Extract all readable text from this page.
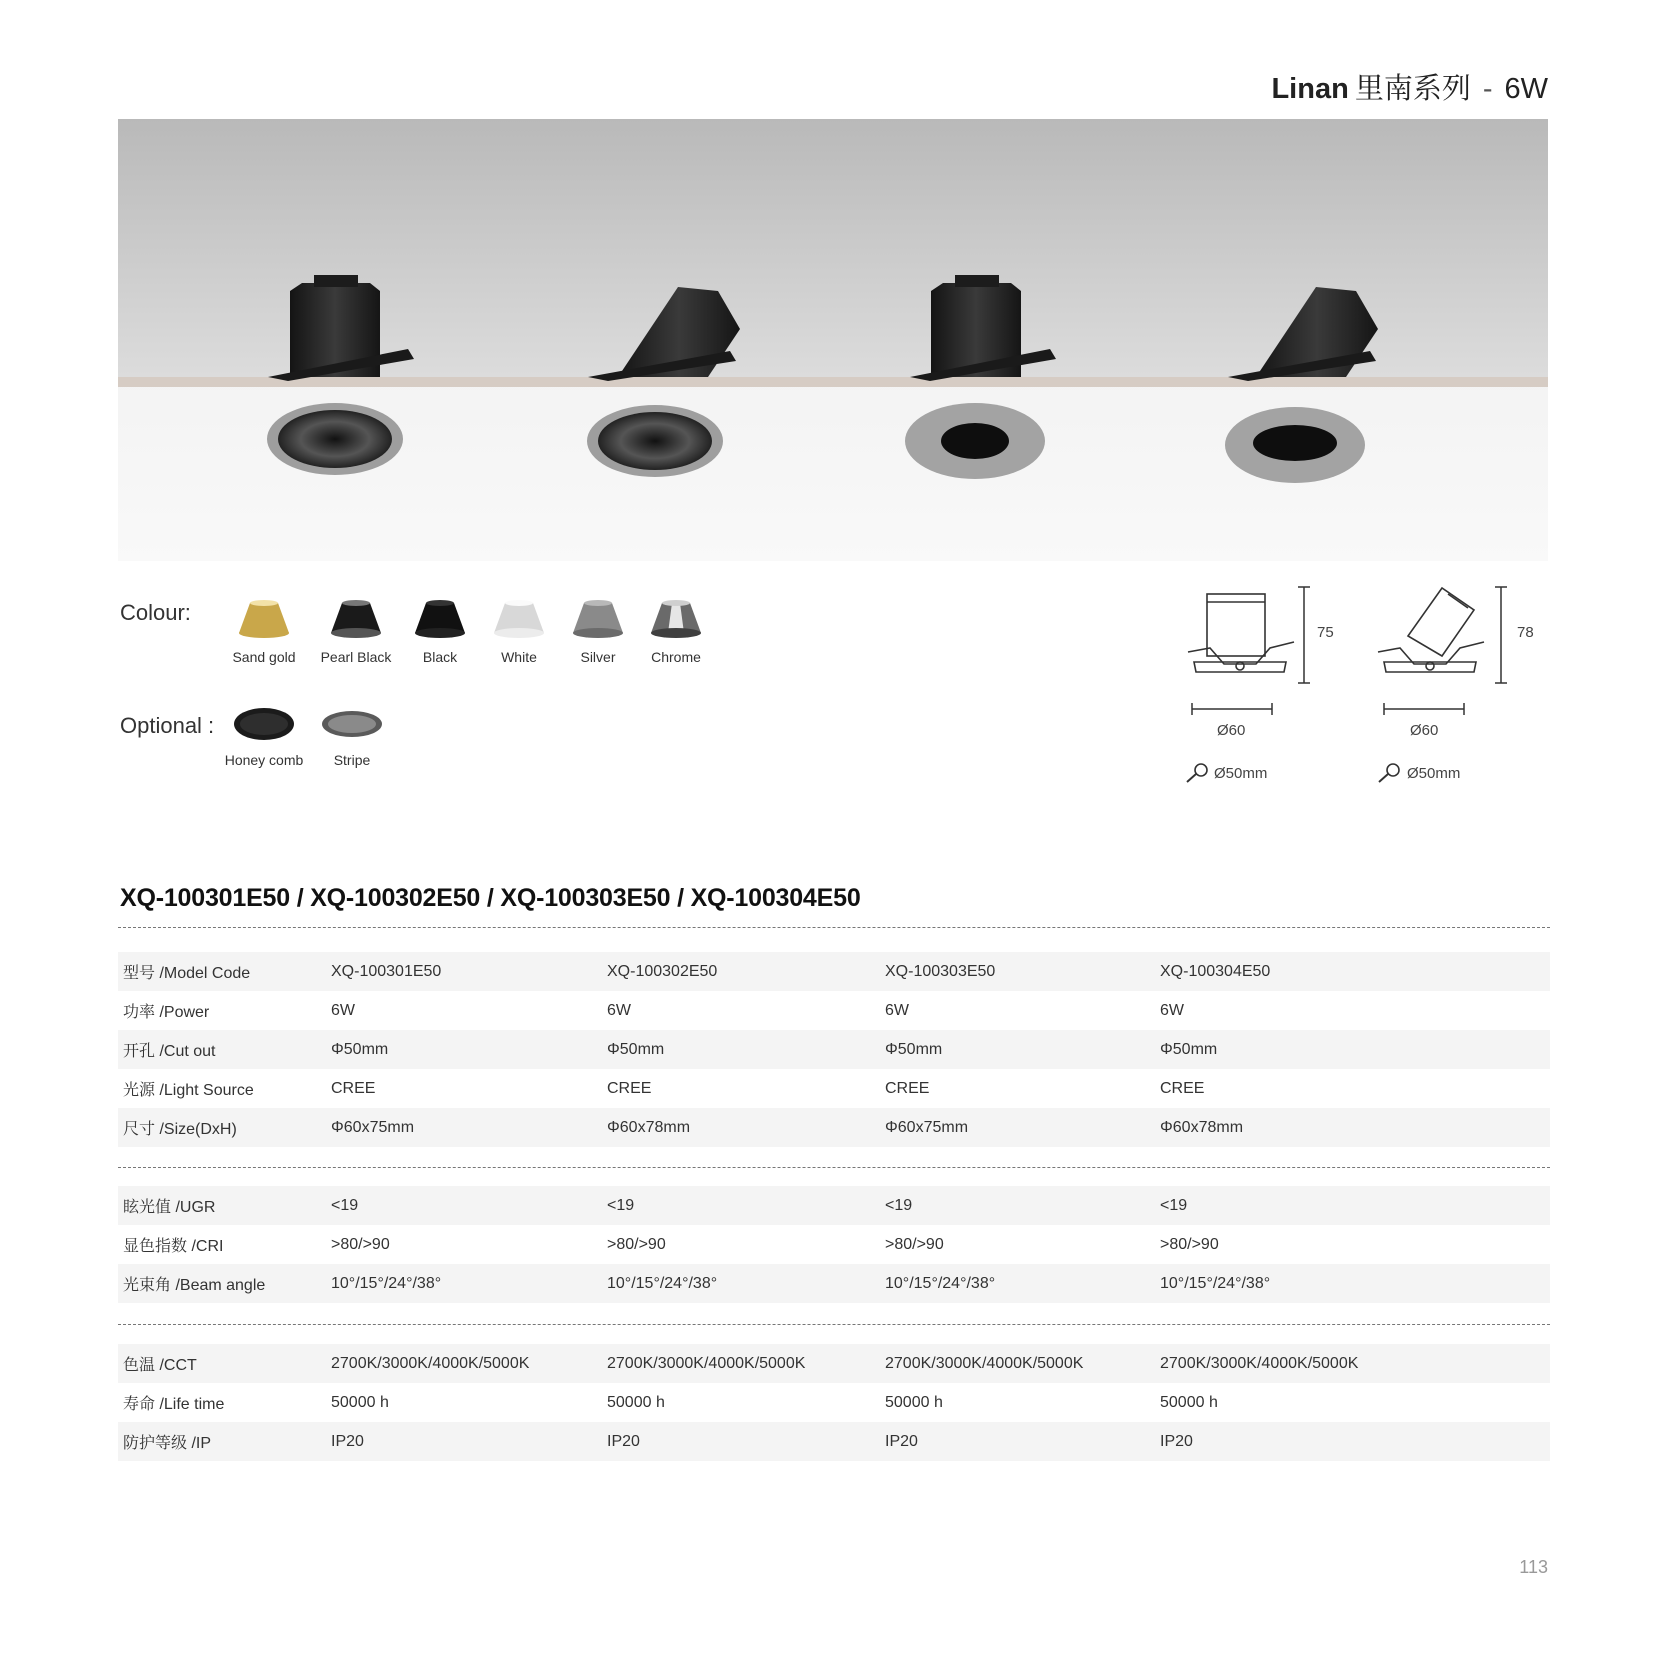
Linan 里南系列 - 6W
Colour:
Sand gold	Pearl Black	Black	White	Silver	Chrome
Optional :
Honey comb	Stripe
75
Ø60
Ø50mm
78
Ø60
Ø50mm
XQ-100301E50 / XQ-100302E50 / XQ-100303E50 / XQ-100304E50
型号 /Model Code	XQ-100301E50	XQ-100302E50	XQ-100303E50	XQ-100304E50
功率 /Power	6W	6W	6W	6W
开孔 /Cut out	Φ50mm	Φ50mm	Φ50mm	Φ50mm
光源 /Light Source	CREE	CREE	CREE	CREE
尺寸 /Size(DxH)	Φ60x75mm	Φ60x78mm	Φ60x75mm	Φ60x78mm
眩光值 /UGR	<19	<19	<19	<19
显色指数 /CRI	>80/>90	>80/>90	>80/>90	>80/>90
光束角 /Beam angle	10°/15°/24°/38°	10°/15°/24°/38°	10°/15°/24°/38°	10°/15°/24°/38°
色温 /CCT	2700K/3000K/4000K/5000K	2700K/3000K/4000K/5000K	2700K/3000K/4000K/5000K	2700K/3000K/4000K/5000K
寿命 /Life time	50000 h	50000 h	50000 h	50000 h
防护等级 /IP	IP20	IP20	IP20	IP20
113
